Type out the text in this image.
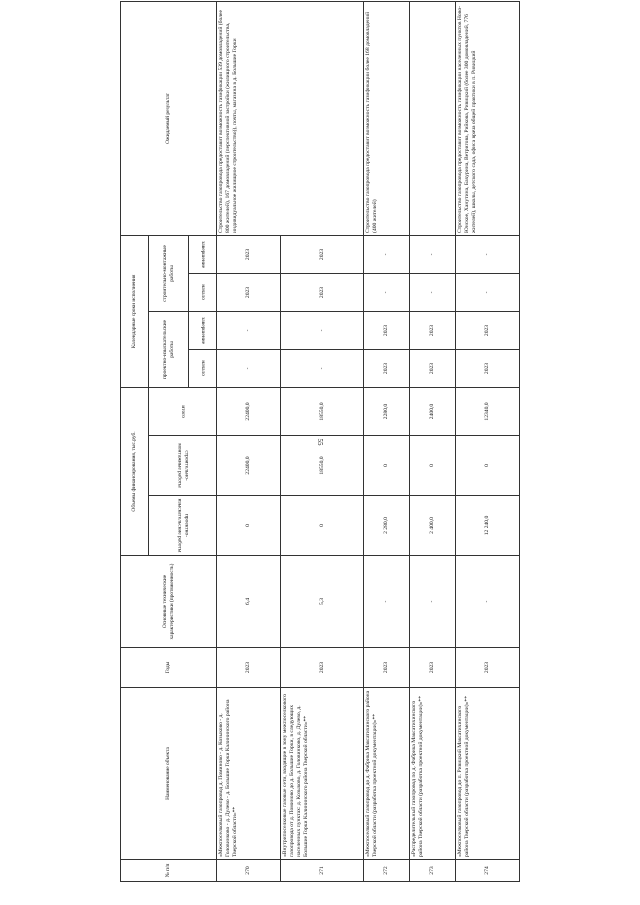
55
№ п/п	Наименование объекта	Годы	Основные технические характеристики (протяженность)	Объемы финансирования, тыс.руб.			Календарные сроки исполнения				Ожидаемый результат
				проектно-изыскательские работы	строительно-монтажные работы	итого	проектно-изыскательские работы		строительно-монтажные работы		
							начало	завершение	начало	завершение	
270	«Межпоселковый газопровод д. Поминово - д. Козыково - д. Головинково - д. Дулево - д. Большие Горки Калининского района Тверской области»**	2023	6,4	0	22400,0	22400,0	-	-	2023	2023	Строительство газопровода предоставит возможность газификации 539 домовладений (более 800 жителей), 167 домовладений (перспективной застройки (жилищного строительства, индивидуальное жилищное строительство)), почты, магазина в д. Большие Горки
271	«Внутрипоселковые газовые сети, входящие в зону межпоселкового газопровода от д. Поминово до д. Большие Горки, в следующих населенных пунктах: д. Козыково, д. Головинково, д. Дулево, д. Большие Горки Калининского района Тверской области»**	2023	5,3	0	18550,0	18550,0	-	-	2023	2023	
272	«Межпоселковый газопровод до д. Фабрика Максатихинского района Тверской области (разработка проектной документации)»**	2023	-	2 280,0	0	2280,0	2023	2023	-	-	Строительство газопровода предоставит возможность газификации более 168 домовладений (400 жителей)
273	«Распределительный газопровод по д. Фабрика Максатихинского района Тверской области (разработка проектной документации)»**	2023	-	2 400,0	0	2400,0	2023	2023	-	-	
274	«Межпоселковый газопровод до п. Ривицкий Максатихинского района Тверской области (разработка проектной документации)»**	2023	-	12 240,0	0	12340,0	2023	2023	-	-	Строительство газопровода предоставит возможность газификации населенных пунктов Ново-Юнское, Ханутина, Бахурина, Ветригова, Рийкова, Ривицкий (более 300 домовладений, 776 жителей), школы, детского сада, офиса врача общей практики в п. Ривицкий
